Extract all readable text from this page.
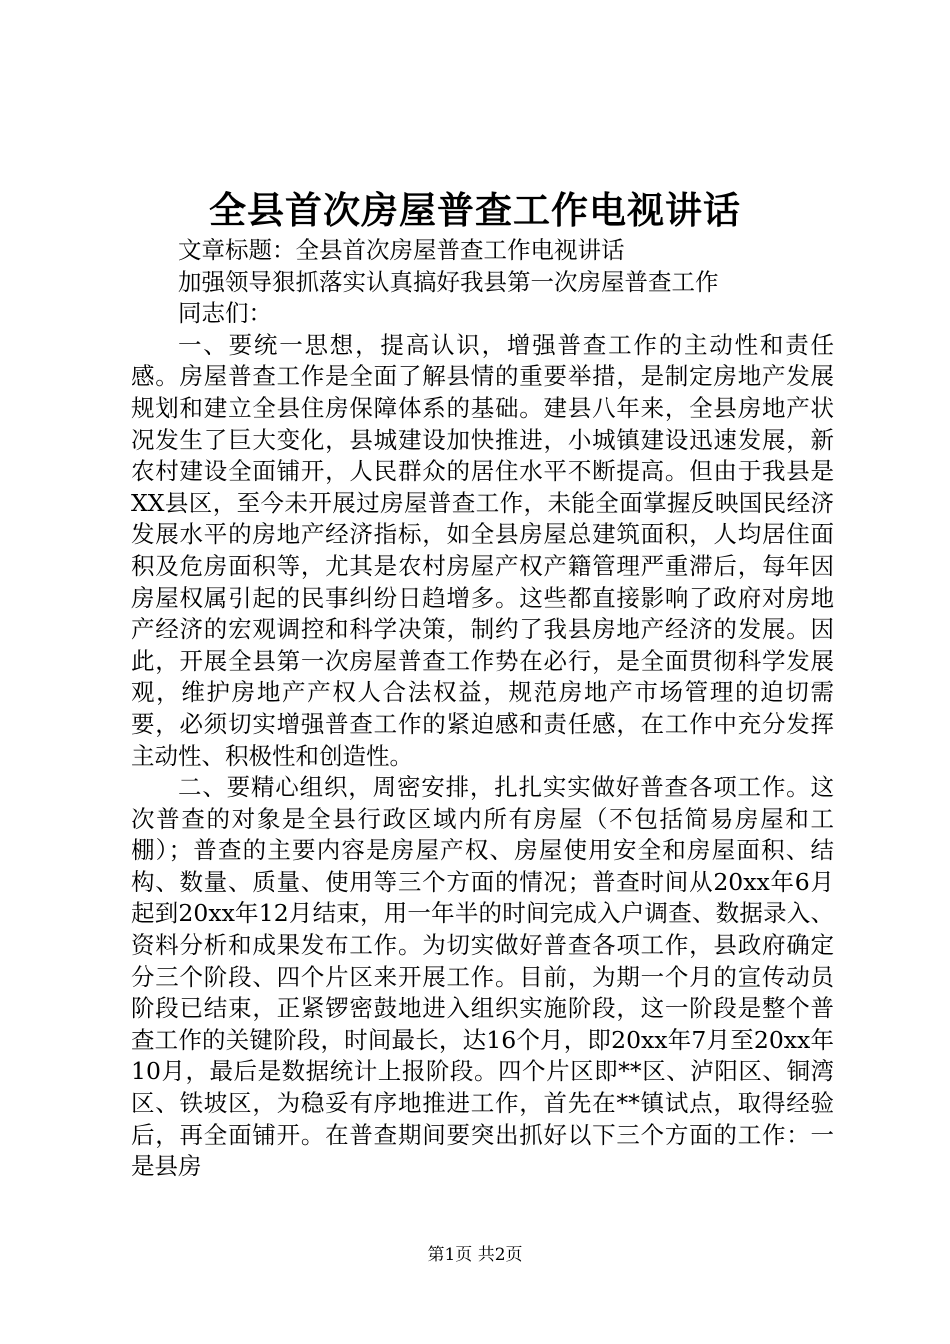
全县首次房屋普查工作电视讲话

文章标题：全县首次房屋普查工作电视讲话

加强领导狠抓落实认真搞好我县第一次房屋普查工作

同志们：

一、要统一思想，提高认识，增强普查工作的主动性和责任感。房屋普查工作是全面了解县情的重要举措，是制定房地产发展规划和建立全县住房保障体系的基础。建县八年来，全县房地产状况发生了巨大变化，县城建设加快推进，小城镇建设迅速发展，新农村建设全面铺开，人民群众的居住水平不断提高。但由于我县是XX县区，至今未开展过房屋普查工作，未能全面掌握反映国民经济发展水平的房地产经济指标，如全县房屋总建筑面积，人均居住面积及危房面积等，尤其是农村房屋产权产籍管理严重滞后，每年因房屋权属引起的民事纠纷日趋增多。这些都直接影响了政府对房地产经济的宏观调控和科学决策，制约了我县房地产经济的发展。因此，开展全县第一次房屋普查工作势在必行，是全面贯彻科学发展观，维护房地产产权人合法权益，规范房地产市场管理的迫切需要，必须切实增强普查工作的紧迫感和责任感，在工作中充分发挥主动性、积极性和创造性。

二、要精心组织，周密安排，扎扎实实做好普查各项工作。这次普查的对象是全县行政区域内所有房屋（不包括简易房屋和工棚）；普查的主要内容是房屋产权、房屋使用安全和房屋面积、结构、数量、质量、使用等三个方面的情况；普查时间从20xx年6月起到20xx年12月结束，用一年半的时间完成入户调查、数据录入、资料分析和成果发布工作。为切实做好普查各项工作，县政府确定分三个阶段、四个片区来开展工作。目前，为期一个月的宣传动员阶段已结束，正紧锣密鼓地进入组织实施阶段，这一阶段是整个普查工作的关键阶段，时间最长，达16个月，即20xx年7月至20xx年10月，最后是数据统计上报阶段。四个片区即**区、泸阳区、铜湾区、铁坡区，为稳妥有序地推进工作，首先在**镇试点，取得经验后，再全面铺开。在普查期间要突出抓好以下三个方面的工作：一是县房

第1页 共2页
